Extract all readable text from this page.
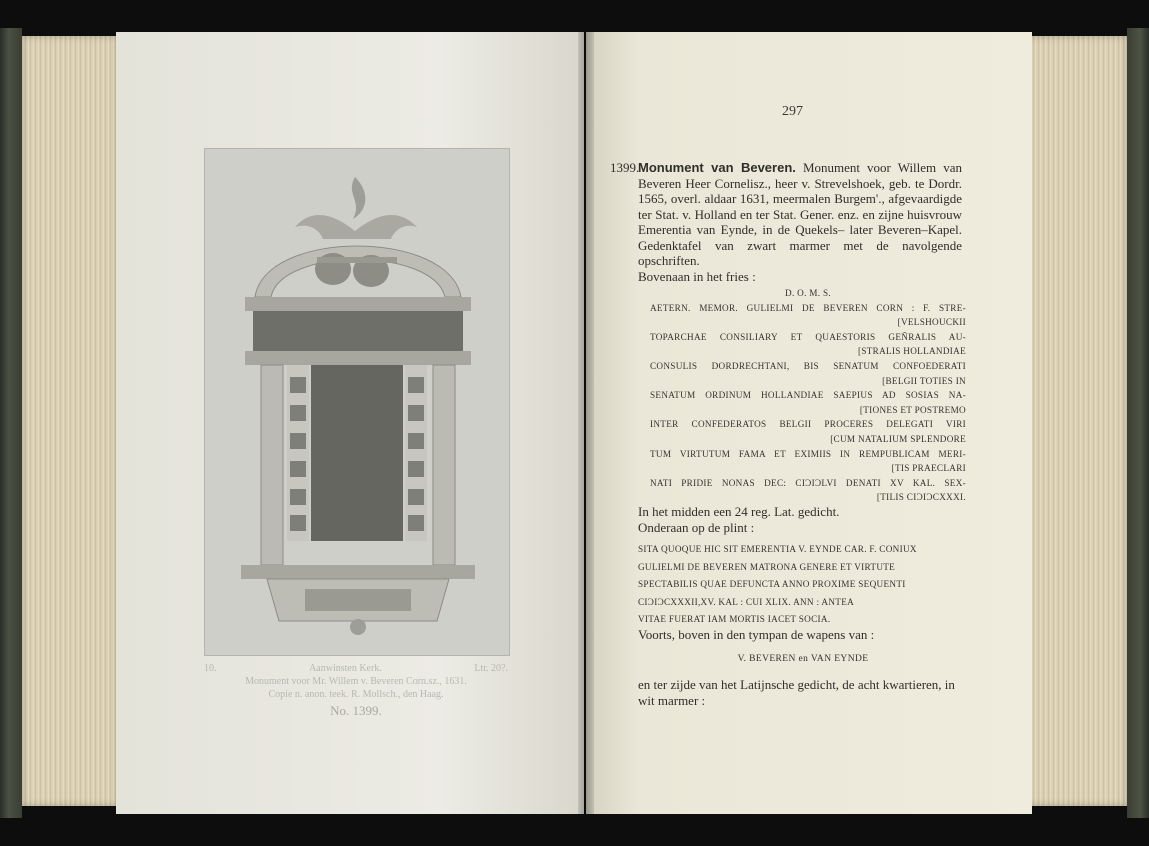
10.	Aanwinsten Kerk.	Ltr. 20?.
Monument voor Mr. Willem v. Beveren Corn.sz., 1631.
Copie n. anon. teek. R. Mollsch., den Haag.
No. 1399.
297
1399.
Monument van Beveren. Monument voor Willem van Beveren Heer Cornelisz., heer v. Strevelshoek, geb. te Dordr. 1565, overl. aldaar 1631, meermalen Burgem'., afgevaardigde ter Stat. v. Holland en ter Stat. Gener. enz. en zijne huisvrouw Emerentia van Eynde, in de Quekels– later Beveren–Kapel. Gedenktafel van zwart marmer met de navolgende opschriften.
Bovenaan in het fries :
D. O. M. S.
AETERN. MEMOR. GULIELMI DE BEVEREN CORN : F. STRE-
[VELSHOUCKII
TOPARCHAE CONSILIARY ET QUAESTORIS GEÑRALIS AU-
[STRALIS HOLLANDIAE
CONSULIS DORDRECHTANI, BIS SENATUM CONFOEDERATI
[BELGII TOTIES IN
SENATUM ORDINUM HOLLANDIAE SAEPIUS AD SOSIAS NA-
[TIONES ET POSTREMO
INTER CONFEDERATOS BELGII PROCERES DELEGATI VIRI
[CUM NATALIUM SPLENDORE
TUM VIRTUTUM FAMA ET EXIMIIS IN REMPUBLICAM MERI-
[TIS PRAECLARI
NATI PRIDIE NONAS DEC: CIƆIƆLVI DENATI XV KAL. SEX-
[TILIS CIƆIƆCXXXI.
In het midden een 24 reg. Lat. gedicht.
Onderaan op de plint :
SITA QUOQUE HIC SIT EMERENTIA V. EYNDE CAR. F. CONIUX
GULIELMI DE BEVEREN MATRONA GENERE ET VIRTUTE
SPECTABILIS QUAE DEFUNCTA ANNO PROXIME SEQUENTI
CIƆIƆCXXXII,XV. KAL : CUI XLIX. ANN : ANTEA
VITAE FUERAT IAM MORTIS IACET SOCIA.
Voorts, boven in den tympan de wapens van :
V. BEVEREN en VAN EYNDE
en ter zijde van het Latijnsche gedicht, de acht kwartieren, in wit marmer :
